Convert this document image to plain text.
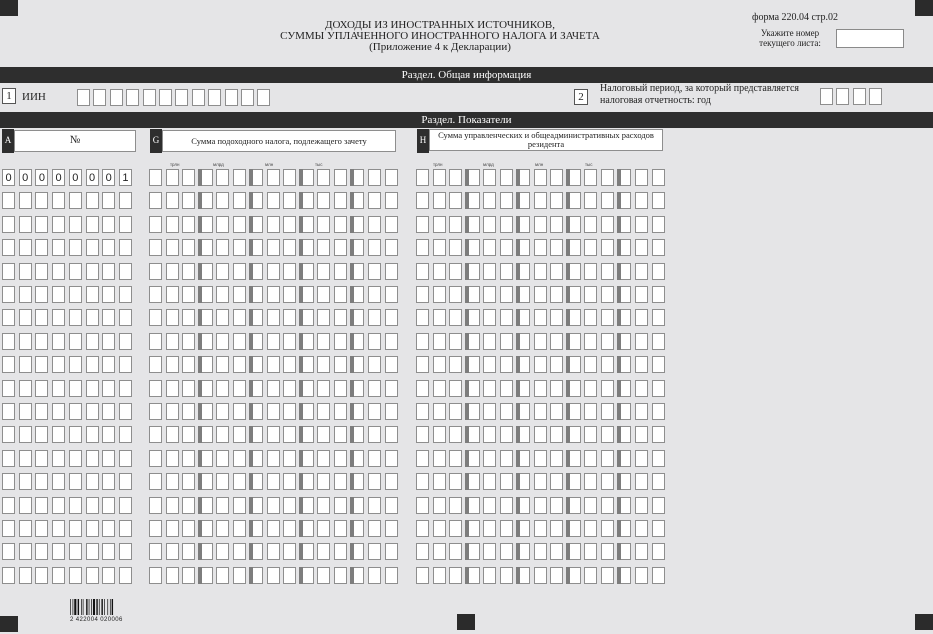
ДОХОДЫ ИЗ ИНОСТРАННЫХ ИСТОЧНИКОВ,
СУММЫ УПЛАЧЕННОГО ИНОСТРАННОГО НАЛОГА И ЗАЧЕТА
(Приложение 4 к Декларации)
форма 220.04 стр.02
Укажите номер текущего листа:
Раздел. Общая информация
1 ИИН	2
Налоговый период, за который представляется
налоговая отчетность: год
Раздел. Показатели
A	№	G	Сумма подоходного налога, подлежащего зачету	H	Сумма управленческих и общеадминистративных расходов резидента
трлн	млрд	млн	тыс	трлн	млрд	млн	тыс
0 0 0 0 0 0 0 1
2 422004 020006
